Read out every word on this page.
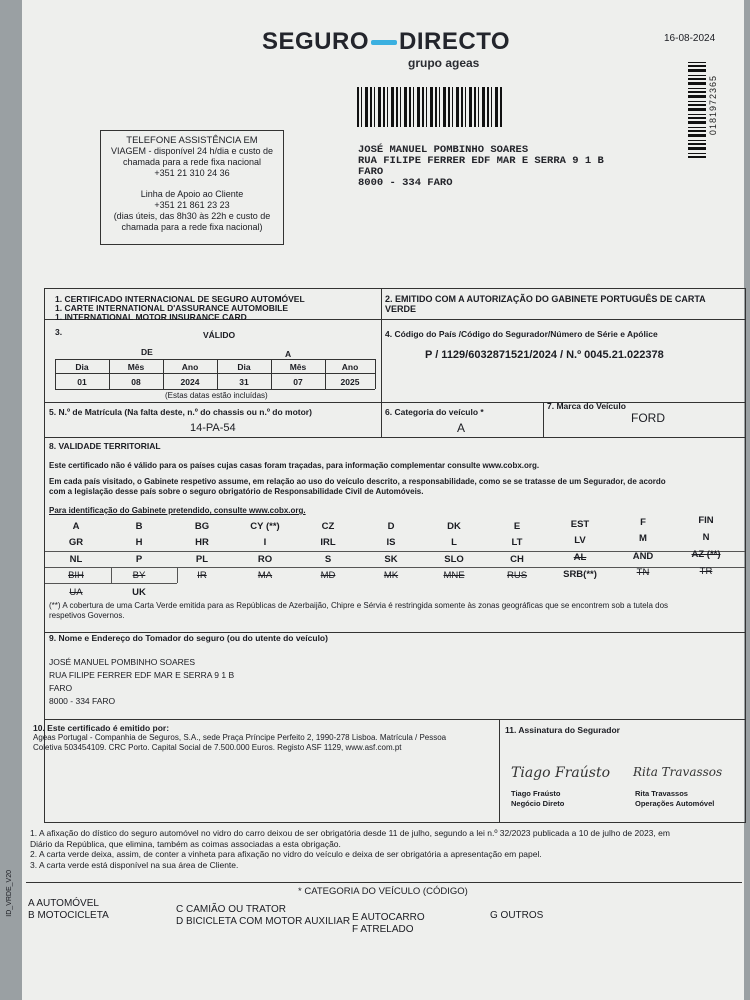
SEGURO DIRECTO
grupo ageas
16-08-2024
0181972365
TELEFONE ASSISTÊNCIA EM
VIAGEM - disponível 24 h/dia e custo de
chamada para a rede fixa nacional
+351 21 310 24 36
Linha de Apoio ao Cliente
+351 21 861 23 23
(dias úteis, das 8h30 às 22h e custo de
chamada para a rede fixa nacional)
JOSÉ MANUEL POMBINHO SOARES
RUA FILIPE FERRER EDF MAR E SERRA 9 1 B
FARO
8000 - 334 FARO
1. CERTIFICADO INTERNACIONAL DE SEGURO AUTOMÓVEL
1. CARTE INTERNATIONAL D'ASSURANCE AUTOMOBILE
1. INTERNATIONAL MOTOR INSURANCE CARD
2. EMITIDO COM A AUTORIZAÇÃO DO GABINETE PORTUGUÊS DE CARTA
VERDE
3.	VÁLIDO
DE	A
Dia	Mês	Ano	Dia	Mês	Ano
01	08	2024	31	07	2025
(Estas datas estão incluídas)
4. Código do País /Código do Segurador/Número de Série e Apólice
P / 1129/6032871521/2024 / N.º 0045.21.022378
5. N.º de Matrícula (Na falta deste, n.º do chassis ou n.º do motor)
14-PA-54
6. Categoria do veículo *
A
7. Marca do Veículo
FORD
8. VALIDADE TERRITORIAL
Este certificado não é válido para os países cujas casas foram traçadas, para informação complementar consulte www.cobx.org.
Em cada país visitado, o Gabinete respetivo assume, em relação ao uso do veículo descrito, a responsabilidade, como se se tratasse de um Segurador, de acordo
com a legislação desse país sobre o seguro obrigatório de Responsabilidade Civil de Automóveis.
Para identificação do Gabinete pretendido, consulte www.cobx.org.
A	B	BG	CY (**)	CZ	D	DK	E	EST	F	FIN
GR	H	HR	I	IRL	IS	L	LT	LV	M	N
NL	P	PL	RO	S	SK	SLO	CH	AL	AND	AZ (**)
BIH	BY	IR	MA	MD	MK	MNE	RUS	SRB(**)	TN	TR
UA	UK
(**) A cobertura de uma Carta Verde emitida para as Repúblicas de Azerbaijão, Chipre e Sérvia é restringida somente às zonas geográficas que se encontrem sob a tutela dos
respetivos Governos.
9. Nome e Endereço do Tomador do seguro (ou do utente do veículo)
JOSÉ MANUEL POMBINHO SOARES
RUA FILIPE FERRER EDF MAR E SERRA 9 1 B
FARO
8000 - 334 FARO
10. Este certificado é emitido por:
Ageas Portugal - Companhia de Seguros, S.A., sede Praça Príncipe Perfeito 2, 1990-278 Lisboa. Matrícula / Pessoa
Coletiva 503454109. CRC Porto. Capital Social de 7.500.000 Euros. Registo ASF 1129, www.asf.com.pt
11. Assinatura do Segurador
Tiago Fraústo Rita Travassos
Tiago Fraústo
Negócio Direto
Rita Travassos
Operações Automóvel
1. A afixação do dístico do seguro automóvel no vidro do carro deixou de ser obrigatória desde 11 de julho, segundo a lei n.º 32/2023 publicada a 10 de julho de 2023, em
Diário da República, que elimina, também as coimas associadas a esta obrigação.
2. A carta verde deixa, assim, de conter a vinheta para afixação no vidro do veículo e deixa de ser obrigatória a apresentação em papel.
3. A carta verde está disponível na sua área de Cliente.
ID_VRDE_V20	* CATEGORIA DO VEÍCULO (CÓDIGO)
A AUTOMÓVEL
B MOTOCICLETA
C CAMIÃO OU TRATOR
D BICICLETA COM MOTOR AUXILIAR E AUTOCARRO
F ATRELADO
G OUTROS
